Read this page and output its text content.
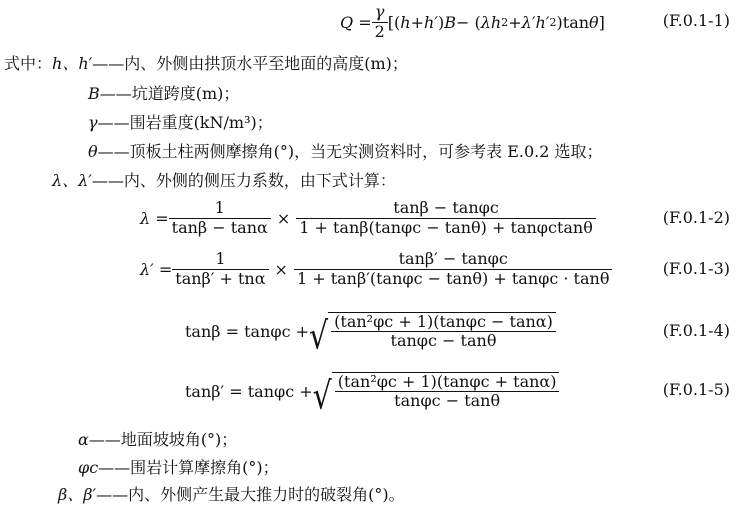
$Q = \frac{\gamma}{2}$ [( h + h′ ) B − ( λh 2 + λ′h′ 2 )tan θ ]	(F.0.1-1)
式中：h、h′——内、外侧由拱顶水平至地面的高度(m)；
B——坑道跨度(m)；
γ——围岩重度(kN/m³)；
θ——顶板土柱两侧摩擦角(°)，当无实测资料时，可参考表 E.0.2 选取；
λ、λ′——内、外侧的侧压力系数，由下式计算：
$\lambda = \frac{1}{\tan\beta - \tan\alpha} \times \frac{\tan\beta - \tan\varphi c}{1 + \tan\beta(\tan\varphi c - \tan\theta) + \tan\varphi ctan\theta}$	(F.0.1-2)
$\lambda' = \frac{1}{\text{tanβ′ + tnα}} \times \frac{\tan\beta' - \tan\varphi c}{1 + \tan\beta'(\tan\varphi c - \tan\theta) + \tan\varphi c \cdot \tan\theta}$	(F.0.1-3)
tanβ = tanφc + √ $\frac{\text{(tan²φc + 1)(tanφc − tanα)}}{\tan\varphi c - \tan\theta}$	(F.0.1-4)
tanβ′ = tanφc + √ $\frac{\text{(tan²φc + 1)(tanφc + tanα)}}{\tan\varphi c - \tan\theta}$	(F.0.1-5)
α——地面坡坡角(°)；
φc——围岩计算摩擦角(°)；
β、β′——内、外侧产生最大推力时的破裂角(°)。
